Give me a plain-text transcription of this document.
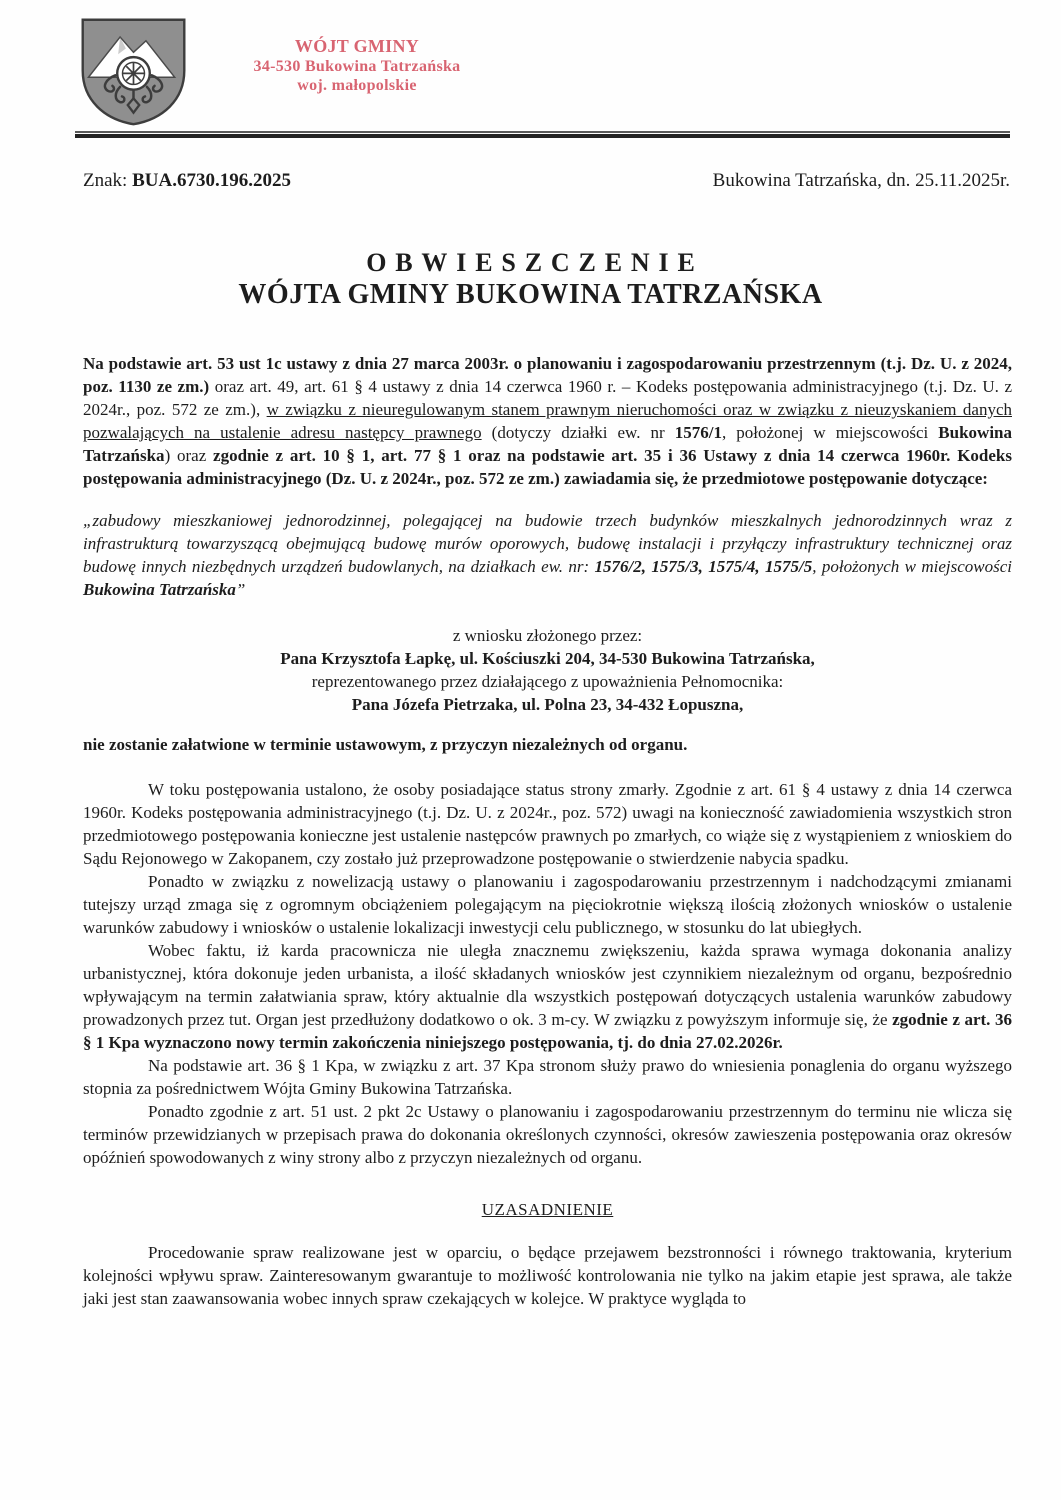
WÓJT GMINY
34-530 Bukowina Tatrzańska
woj. małopolskie
Znak: BUA.6730.196.2025	Bukowina Tatrzańska, dn. 25.11.2025r.
OBWIESZCZENIE
WÓJTA GMINY BUKOWINA TATRZAŃSKA

Na podstawie art. 53 ust 1c ustawy z dnia 27 marca 2003r. o planowaniu i zagospodarowaniu przestrzennym (t.j. Dz. U. z 2024, poz. 1130 ze zm.) oraz art. 49, art. 61 § 4 ustawy z dnia 14 czerwca 1960 r. – Kodeks postępowania administracyjnego (t.j. Dz. U. z 2024r., poz. 572 ze zm.), w związku z nieuregulowanym stanem prawnym nieruchomości oraz w związku z nieuzyskaniem danych pozwalających na ustalenie adresu następcy prawnego (dotyczy działki ew. nr 1576/1, położonej w miejscowości Bukowina Tatrzańska) oraz zgodnie z art. 10 § 1, art. 77 § 1 oraz na podstawie art. 35 i 36 Ustawy z dnia 14 czerwca 1960r. Kodeks postępowania administracyjnego (Dz. U. z 2024r., poz. 572 ze zm.) zawiadamia się, że przedmiotowe postępowanie dotyczące:

„zabudowy mieszkaniowej jednorodzinnej, polegającej na budowie trzech budynków mieszkalnych jednorodzinnych wraz z infrastrukturą towarzyszącą obejmującą budowę murów oporowych, budowę instalacji i przyłączy infrastruktury technicznej oraz budowę innych niezbędnych urządzeń budowlanych, na działkach ew. nr: 1576/2, 1575/3, 1575/4, 1575/5, położonych w miejscowości Bukowina Tatrzańska”

z wniosku złożonego przez:
Pana Krzysztofa Łapkę, ul. Kościuszki 204, 34-530 Bukowina Tatrzańska,
reprezentowanego przez działającego z upoważnienia Pełnomocnika:
Pana Józefa Pietrzaka, ul. Polna 23, 34-432 Łopuszna,

nie zostanie załatwione w terminie ustawowym, z przyczyn niezależnych od organu.

W toku postępowania ustalono, że osoby posiadające status strony zmarły. Zgodnie z art. 61 § 4 ustawy z dnia 14 czerwca 1960r. Kodeks postępowania administracyjnego (t.j. Dz. U. z 2024r., poz. 572) uwagi na konieczność zawiadomienia wszystkich stron przedmiotowego postępowania konieczne jest ustalenie następców prawnych po zmarłych, co wiąże się z wystąpieniem z wnioskiem do Sądu Rejonowego w Zakopanem, czy zostało już przeprowadzone postępowanie o stwierdzenie nabycia spadku.

Ponadto w związku z nowelizacją ustawy o planowaniu i zagospodarowaniu przestrzennym i nadchodzącymi zmianami tutejszy urząd zmaga się z ogromnym obciążeniem polegającym na pięciokrotnie większą ilością złożonych wniosków o ustalenie warunków zabudowy i wniosków o ustalenie lokalizacji inwestycji celu publicznego, w stosunku do lat ubiegłych.

Wobec faktu, iż karda pracownicza nie uległa znacznemu zwiększeniu, każda sprawa wymaga dokonania analizy urbanistycznej, która dokonuje jeden urbanista, a ilość składanych wniosków jest czynnikiem niezależnym od organu, bezpośrednio wpływającym na termin załatwiania spraw, który aktualnie dla wszystkich postępowań dotyczących ustalenia warunków zabudowy prowadzonych przez tut. Organ jest przedłużony dodatkowo o ok. 3 m-cy. W związku z powyższym informuje się, że zgodnie z art. 36 § 1 Kpa wyznaczono nowy termin zakończenia niniejszego postępowania, tj. do dnia 27.02.2026r.

Na podstawie art. 36 § 1 Kpa, w związku z art. 37 Kpa stronom służy prawo do wniesienia ponaglenia do organu wyższego stopnia za pośrednictwem Wójta Gminy Bukowina Tatrzańska.

Ponadto zgodnie z art. 51 ust. 2 pkt 2c Ustawy o planowaniu i zagospodarowaniu przestrzennym do terminu nie wlicza się terminów przewidzianych w przepisach prawa do dokonania określonych czynności, okresów zawieszenia postępowania oraz okresów opóźnień spowodowanych z winy strony albo z przyczyn niezależnych od organu.

UZASADNIENIE

Procedowanie spraw realizowane jest w oparciu, o będące przejawem bezstronności i równego traktowania, kryterium kolejności wpływu spraw. Zainteresowanym gwarantuje to możliwość kontrolowania nie tylko na jakim etapie jest sprawa, ale także jaki jest stan zaawansowania wobec innych spraw czekających w kolejce. W praktyce wygląda to
